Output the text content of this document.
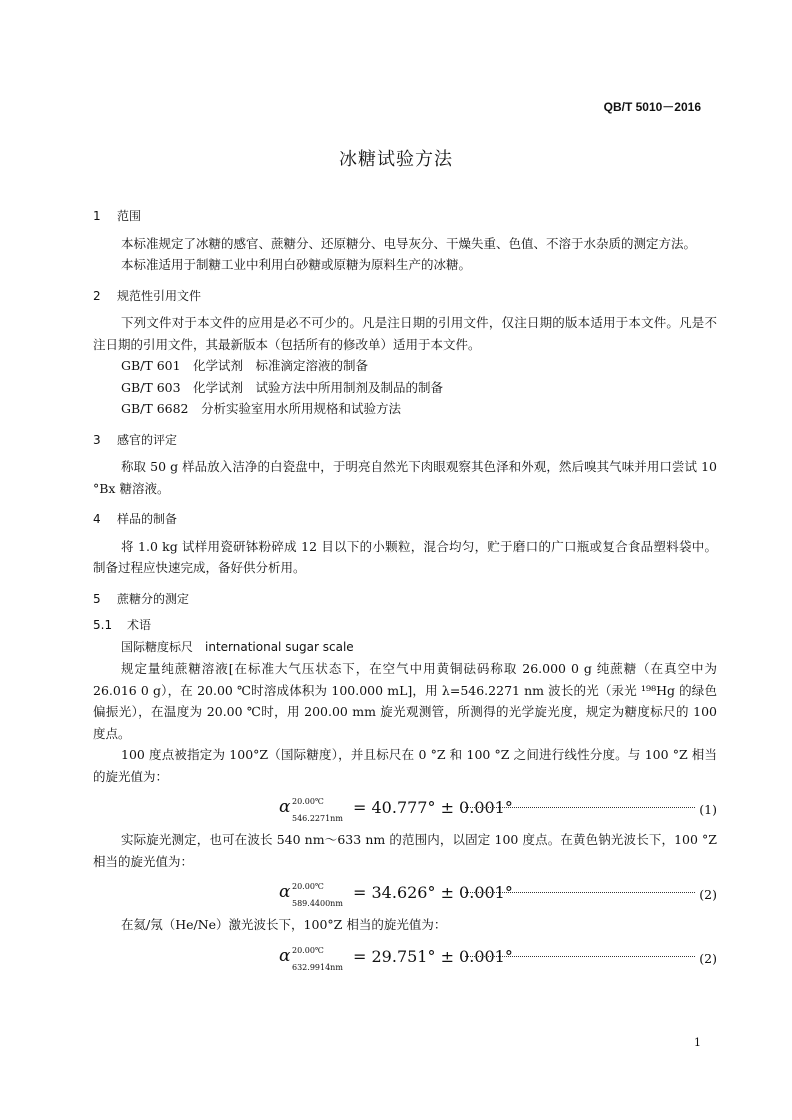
QB/T 5010－2016
冰糖试验方法
1 范围

本标准规定了冰糖的感官、蔗糖分、还原糖分、电导灰分、干燥失重、色值、不溶于水杂质的测定方法。

本标准适用于制糖工业中利用白砂糖或原糖为原料生产的冰糖。

2 规范性引用文件

下列文件对于本文件的应用是必不可少的。凡是注日期的引用文件，仅注日期的版本适用于本文件。凡是不注日期的引用文件，其最新版本（包括所有的修改单）适用于本文件。

GB/T 601　化学试剂　标准滴定溶液的制备

GB/T 603　化学试剂　试验方法中所用制剂及制品的制备

GB/T 6682　分析实验室用水所用规格和试验方法

3 感官的评定

称取 50 g 样品放入洁净的白瓷盘中，于明亮自然光下肉眼观察其色泽和外观，然后嗅其气味并用口尝试 10 °Bx 糖溶液。

4 样品的制备

将 1.0 kg 试样用瓷研钵粉碎成 12 目以下的小颗粒，混合均匀，贮于磨口的广口瓶或复合食品塑料袋中。制备过程应快速完成，备好供分析用。

5 蔗糖分的测定
5.1 术语

国际糖度标尺　international sugar scale

规定量纯蔗糖溶液[在标准大气压状态下，在空气中用黄铜砝码称取 26.000 0 g 纯蔗糖（在真空中为 26.016 0 g），在 20.00 ℃时溶成体积为 100.000 mL]，用 λ=546.2271 nm 波长的光（汞光 ¹⁹⁸Hg 的绿色偏振光），在温度为 20.00 ℃时，用 200.00 mm 旋光观测管，所测得的光学旋光度，规定为糖度标尺的 100 度点。

100 度点被指定为 100°Z（国际糖度），并且标尺在 0 °Z 和 100 °Z 之间进行线性分度。与 100 °Z 相当的旋光值为：

α 20.00℃
546.2271nm
= 40.777° ± 0.001°	(1)

实际旋光测定，也可在波长 540 nm～633 nm 的范围内，以固定 100 度点。在黄色钠光波长下，100 °Z 相当的旋光值为：

α 20.00℃
589.4400nm
= 34.626° ± 0.001°	(2)

在氦/氖（He/Ne）激光波长下，100°Z 相当的旋光值为：

α 20.00℃
632.9914nm
= 29.751° ± 0.001°	(2)
1
